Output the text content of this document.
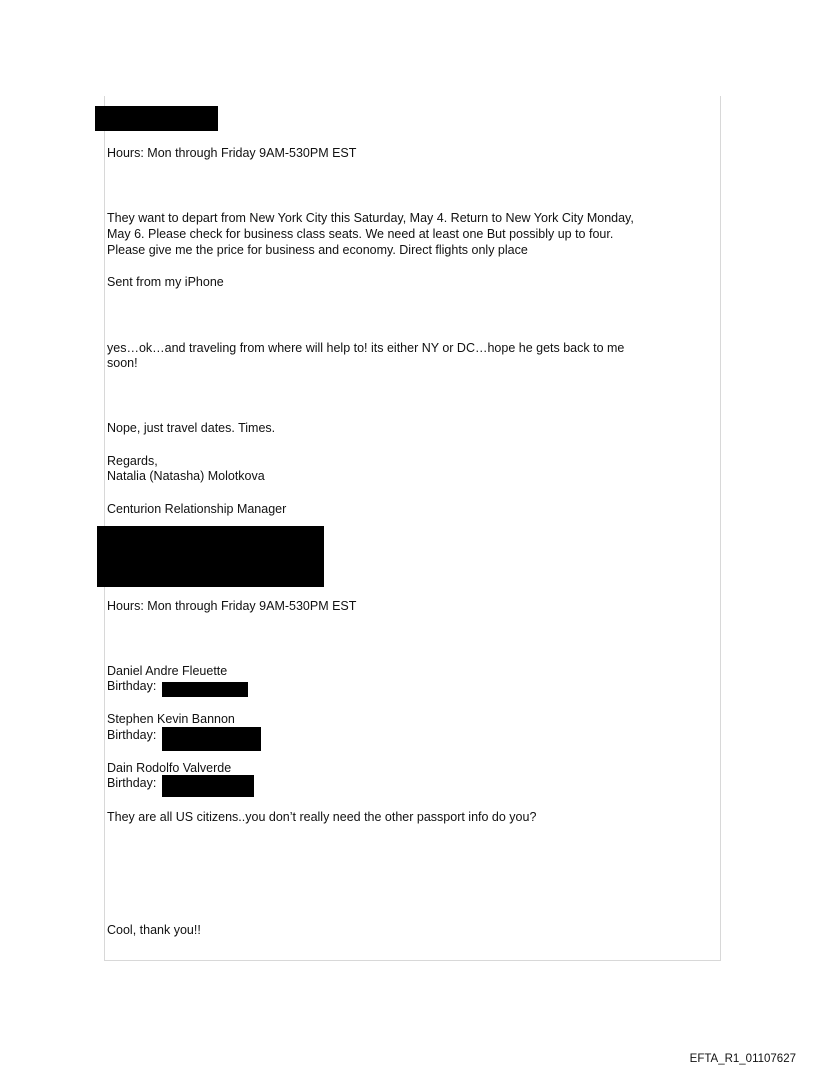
Hours: Mon through Friday 9AM-530PM EST

They want to depart from New York City this Saturday, May 4. Return to New York City Monday,

May 6. Please check for business class seats. We need at least one But possibly up to four.

Please give me the price for business and economy. Direct flights only place

Sent from my iPhone

yes…ok…and traveling from where will help to! its either NY or DC…hope he gets back to me

soon!

Nope, just travel dates. Times.

Regards,

Natalia (Natasha) Molotkova

Centurion Relationship Manager

Hours: Mon through Friday 9AM-530PM EST

Daniel Andre Fleuette

Birthday:

Stephen Kevin Bannon

Birthday:

Dain Rodolfo Valverde

Birthday:

They are all US citizens..you don’t really need the other passport info do you?

Cool, thank you!!

EFTA_R1_01107627
